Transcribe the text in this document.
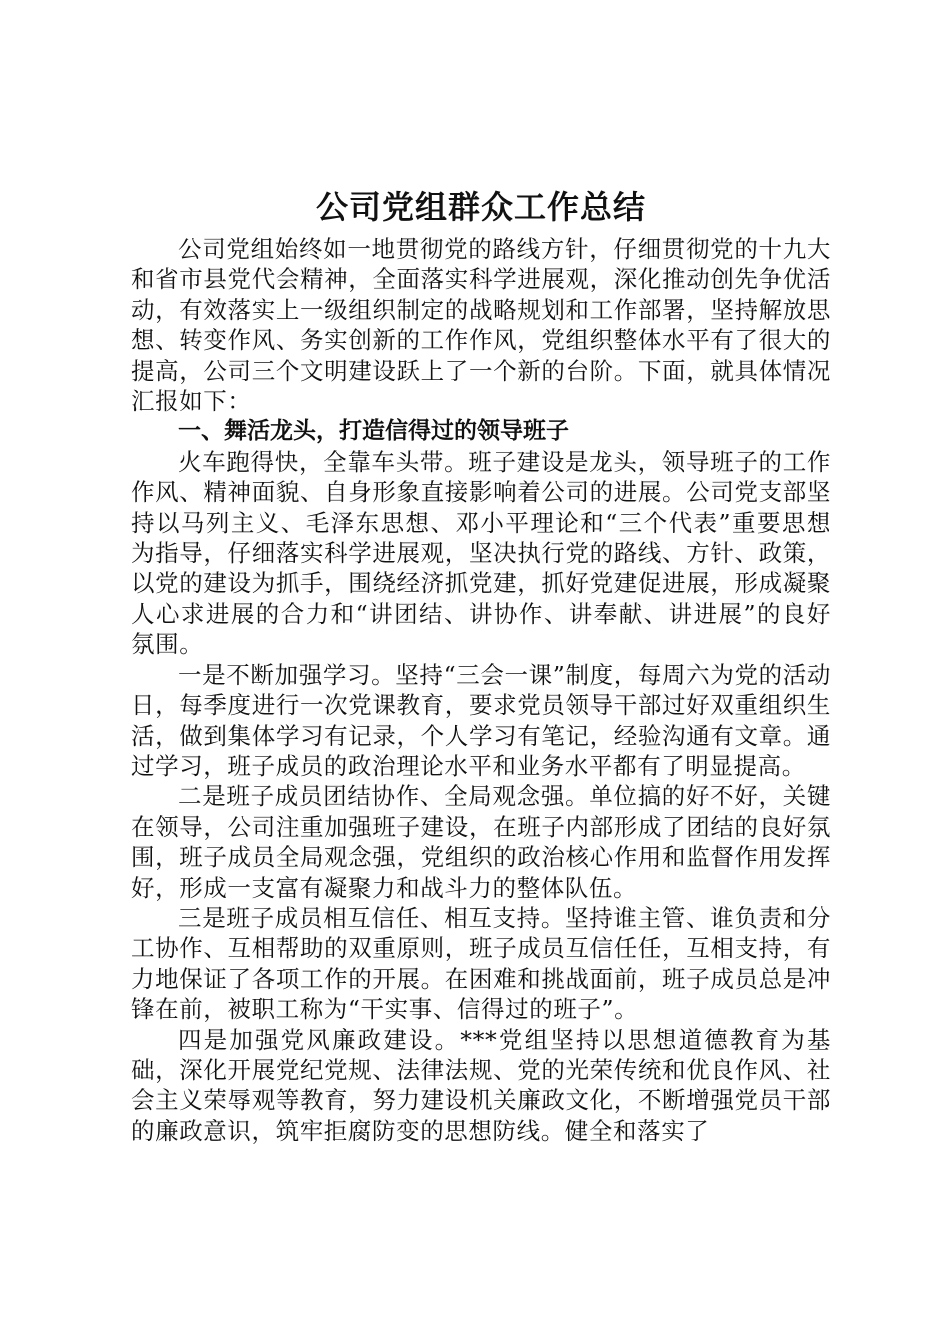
公司党组群众工作总结

公司党组始终如一地贯彻党的路线方针，仔细贯彻党的十九大和省市县党代会精神，全面落实科学进展观，深化推动创先争优活动，有效落实上一级组织制定的战略规划和工作部署，坚持解放思想、转变作风、务实创新的工作作风，党组织整体水平有了很大的提高，公司三个文明建设跃上了一个新的台阶。下面，就具体情况汇报如下：

一、舞活龙头，打造信得过的领导班子

火车跑得快，全靠车头带。班子建设是龙头，领导班子的工作作风、精神面貌、自身形象直接影响着公司的进展。公司党支部坚持以马列主义、毛泽东思想、邓小平理论和“三个代表”重要思想为指导，仔细落实科学进展观，坚决执行党的路线、方针、政策，以党的建设为抓手，围绕经济抓党建，抓好党建促进展，形成凝聚人心求进展的合力和“讲团结、讲协作、讲奉献、讲进展”的良好氛围。

一是不断加强学习。坚持“三会一课”制度，每周六为党的活动日，每季度进行一次党课教育，要求党员领导干部过好双重组织生活，做到集体学习有记录，个人学习有笔记，经验沟通有文章。通过学习，班子成员的政治理论水平和业务水平都有了明显提高。

二是班子成员团结协作、全局观念强。单位搞的好不好，关键在领导，公司注重加强班子建设，在班子内部形成了团结的良好氛围，班子成员全局观念强，党组织的政治核心作用和监督作用发挥好，形成一支富有凝聚力和战斗力的整体队伍。

三是班子成员相互信任、相互支持。坚持谁主管、谁负责和分工协作、互相帮助的双重原则，班子成员互信任任，互相支持，有力地保证了各项工作的开展。在困难和挑战面前，班子成员总是冲锋在前，被职工称为“干实事、信得过的班子”。

四是加强党风廉政建设。***党组坚持以思想道德教育为基础，深化开展党纪党规、法律法规、党的光荣传统和优良作风、社会主义荣辱观等教育，努力建设机关廉政文化，不断增强党员干部的廉政意识，筑牢拒腐防变的思想防线。健全和落实了
